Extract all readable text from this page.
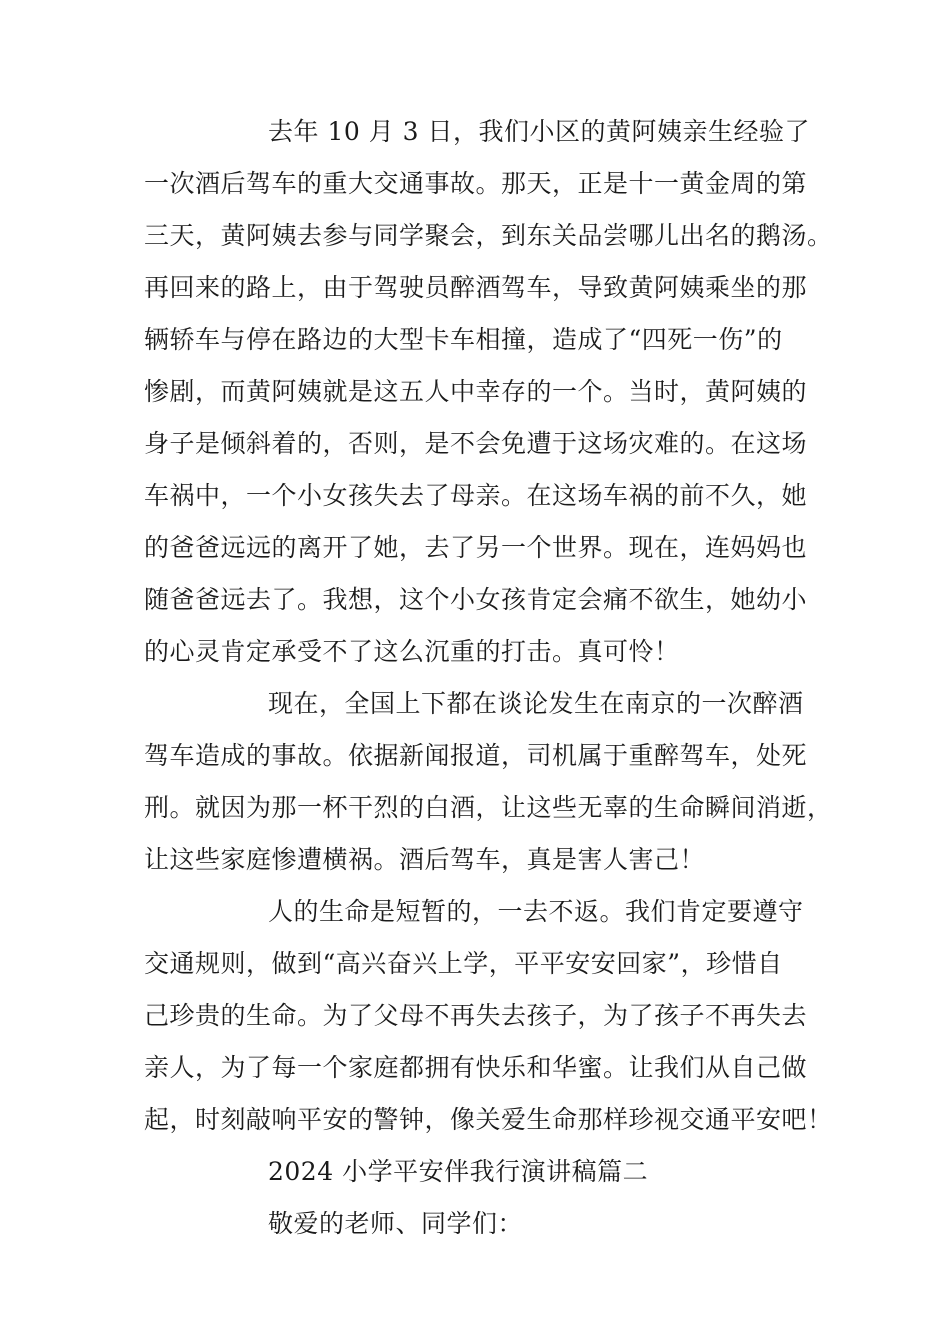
去年 10 月 3 日，我们小区的黄阿姨亲生经验了
一次酒后驾车的重大交通事故。那天，正是十一黄金周的第
三天，黄阿姨去参与同学聚会，到东关品尝哪儿出名的鹅汤。
再回来的路上，由于驾驶员醉酒驾车，导致黄阿姨乘坐的那
辆轿车与停在路边的大型卡车相撞，造成了“四死一伤”的
惨剧，而黄阿姨就是这五人中幸存的一个。当时，黄阿姨的
身子是倾斜着的，否则，是不会免遭于这场灾难的。在这场
车祸中，一个小女孩失去了母亲。在这场车祸的前不久，她
的爸爸远远的离开了她，去了另一个世界。现在，连妈妈也
随爸爸远去了。我想，这个小女孩肯定会痛不欲生，她幼小
的心灵肯定承受不了这么沉重的打击。真可怜！
现在，全国上下都在谈论发生在南京的一次醉酒
驾车造成的事故。依据新闻报道，司机属于重醉驾车，处死
刑。就因为那一杯干烈的白酒，让这些无辜的生命瞬间消逝，
让这些家庭惨遭横祸。酒后驾车，真是害人害己！
人的生命是短暂的，一去不返。我们肯定要遵守
交通规则，做到“高兴奋兴上学，平平安安回家”，珍惜自
己珍贵的生命。为了父母不再失去孩子，为了孩子不再失去
亲人，为了每一个家庭都拥有快乐和华蜜。让我们从自己做
起，时刻敲响平安的警钟，像关爱生命那样珍视交通平安吧！
2024 小学平安伴我行演讲稿篇二
敬爱的老师、同学们：
